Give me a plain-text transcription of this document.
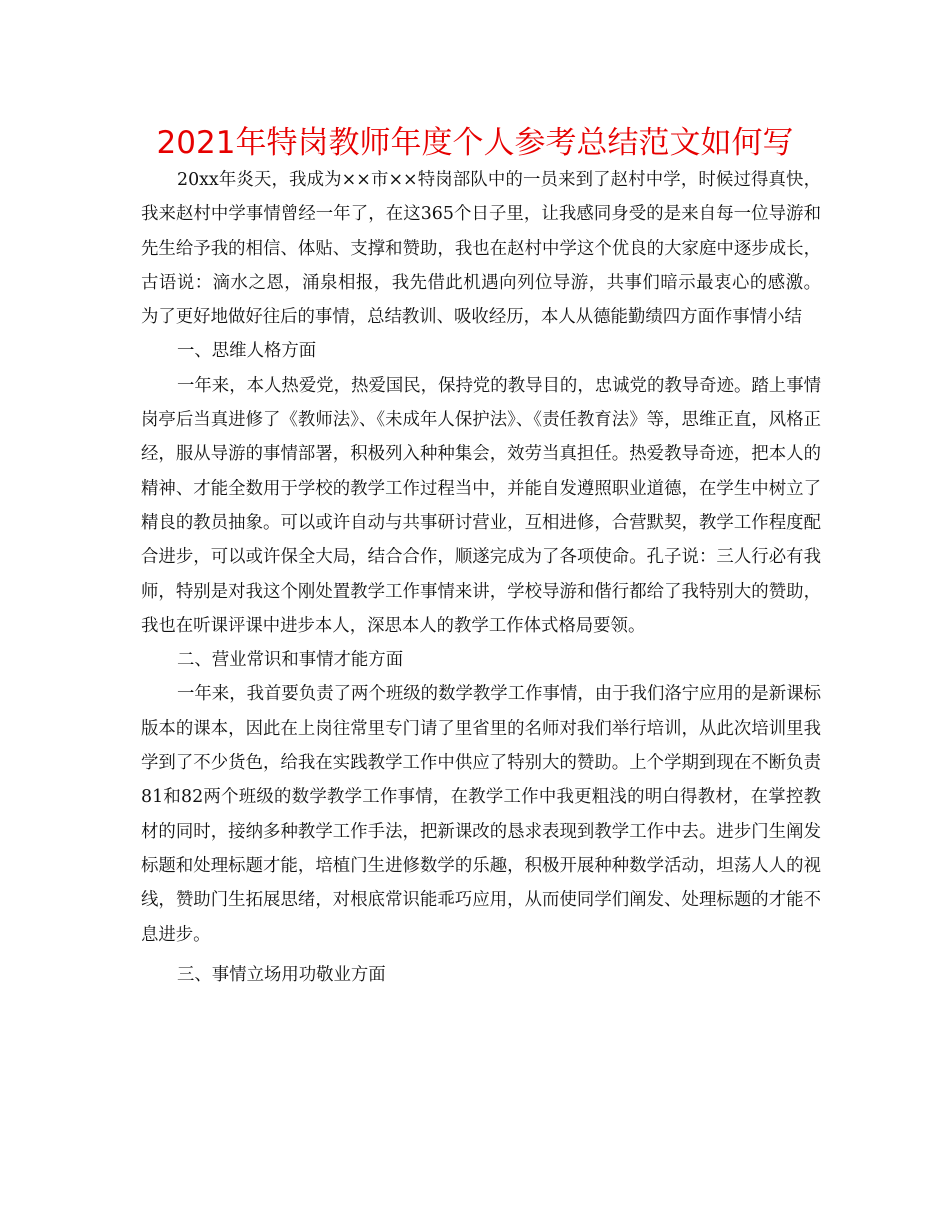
2021年特岗教师年度个人参考总结范文如何写

20xx年炎天，我成为××市××特岗部队中的一员来到了赵村中学，时候过得真快，我来赵村中学事情曾经一年了，在这365个日子里，让我感同身受的是来自每一位导游和先生给予我的相信、体贴、支撑和赞助，我也在赵村中学这个优良的大家庭中逐步成长，古语说：滴水之恩，涌泉相报，我先借此机遇向列位导游，共事们暗示最衷心的感激。 为了更好地做好往后的事情，总结教训、吸收经历，本人从德能勤绩四方面作事情小结

一、思维人格方面

一年来，本人热爱党，热爱国民，保持党的教导目的，忠诚党的教导奇迹。踏上事情岗亭后当真进修了《教师法》、《未成年人保护法》、《责任教育法》等，思维正直，风格正经，服从导游的事情部署，积极列入种种集会，效劳当真担任。热爱教导奇迹，把本人的精神、才能全数用于学校的教学工作过程当中，并能自发遵照职业道德，在学生中树立了精良的教员抽象。可以或许自动与共事研讨营业，互相进修，合营默契，教学工作程度配合进步，可以或许保全大局，结合合作，顺遂完成为了各项使命。孔子说：三人行必有我师，特别是对我这个刚处置教学工作事情来讲，学校导游和偕行都给了我特别大的赞助，我也在听课评课中进步本人，深思本人的教学工作体式格局要领。

二、营业常识和事情才能方面

一年来，我首要负责了两个班级的数学教学工作事情，由于我们洛宁应用的是新课标版本的课本，因此在上岗往常里专门请了里省里的名师对我们举行培训，从此次培训里我学到了不少货色，给我在实践教学工作中供应了特别大的赞助。上个学期到现在不断负责81和82两个班级的数学教学工作事情，在教学工作中我更粗浅的明白得教材，在掌控教材的同时，接纳多种教学工作手法，把新课改的恳求表现到教学工作中去。进步门生阐发标题和处理标题才能，培植门生进修数学的乐趣，积极开展种种数学活动，坦荡人人的视线，赞助门生拓展思绪，对根底常识能乖巧应用，从而使同学们阐发、处理标题的才能不息进步。

三、事情立场用功敬业方面
